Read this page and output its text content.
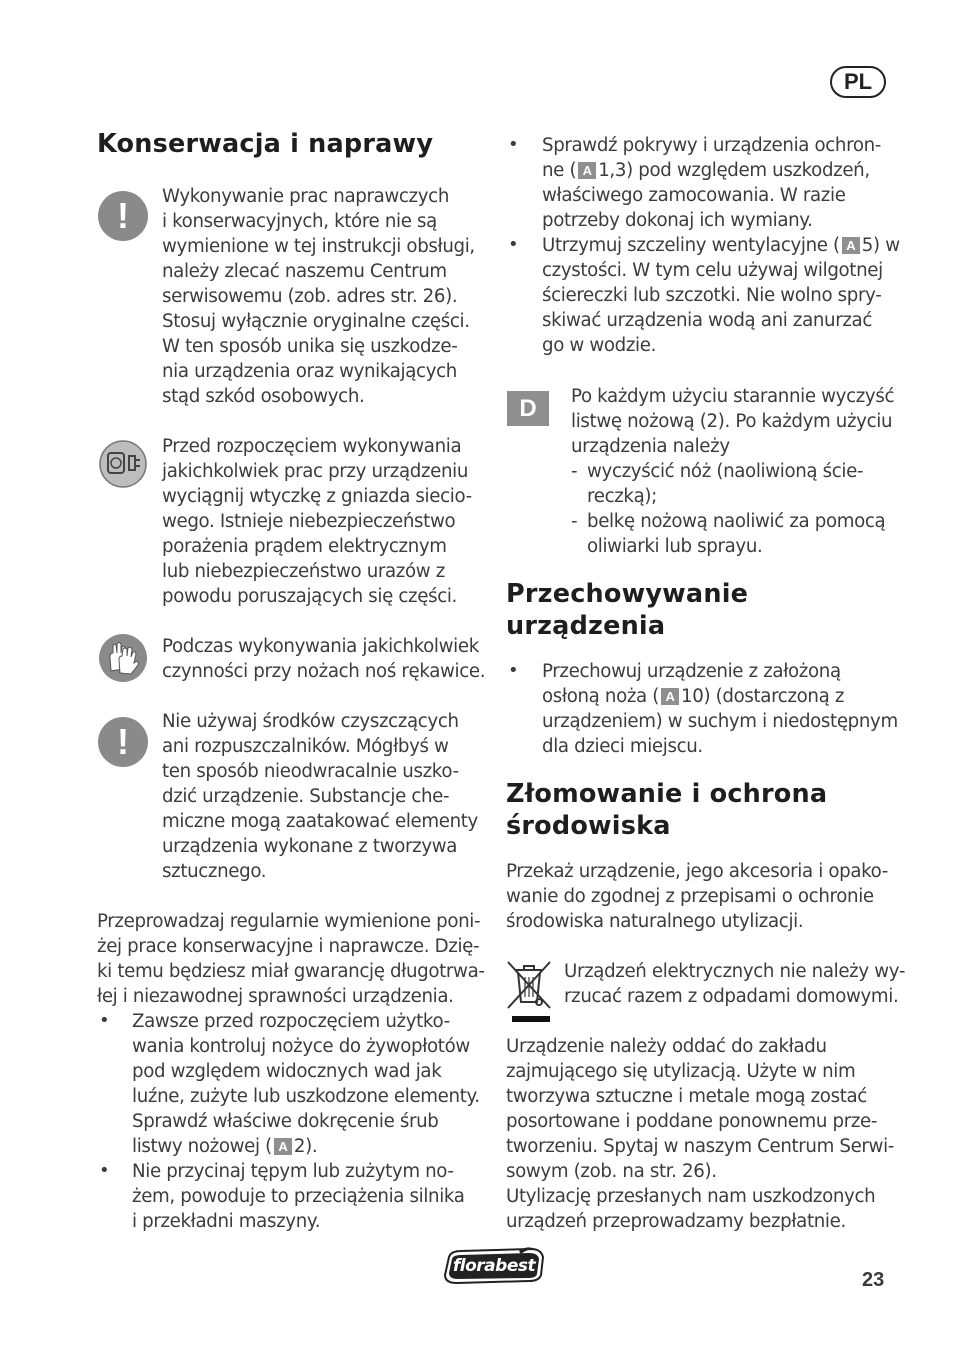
PL
Konserwacja i naprawy
!	Wykonywanie prac naprawczych
i konserwacyjnych, które nie są
wymienione w tej instrukcji obsługi,
należy zlecać naszemu Centrum
serwisowemu (zob. adres str. 26).
Stosuj wyłącznie oryginalne części.
W ten sposób unika się uszkodze-
nia urządzenia oraz wynikających
stąd szkód osobowych.
Przed rozpoczęciem wykonywania
jakichkolwiek prac przy urządzeniu
wyciągnij wtyczkę z gniazda siecio-
wego. Istnieje niebezpieczeństwo
porażenia prądem elektrycznym
lub niebezpieczeństwo urazów z
powodu poruszających się części.
Podczas wykonywania jakichkolwiek
czynności przy nożach noś rękawice.
!	Nie używaj środków czyszczących
ani rozpuszczalników. Mógłbyś w
ten sposób nieodwracalnie uszko-
dzić urządzenie. Substancje che-
miczne mogą zaatakować elementy
urządzenia wykonane z tworzywa
sztucznego.
Przeprowadzaj regularnie wymienione poni-
żej prace konserwacyjne i naprawcze. Dzię-
ki temu będziesz miał gwarancję długotrwa-
łej i niezawodnej sprawności urządzenia.
• Zawsze przed rozpoczęciem użytko-
wania kontroluj nożyce do żywopłotów
pod względem widocznych wad jak
luźne, zużyte lub uszkodzone elementy.
Sprawdź właściwe dokręcenie śrub
listwy nożowej ( A 2).
• Nie przycinaj tępym lub zużytym no-
żem, powoduje to przeciążenia silnika
i przekładni maszyny.
• Sprawdź pokrywy i urządzenia ochron-
ne ( A 1,3) pod względem uszkodzeń,
właściwego zamocowania. W razie
potrzeby dokonaj ich wymiany.
• Utrzymuj szczeliny wentylacyjne ( A 5) w
czystości. W tym celu używaj wilgotnej
ściereczki lub szczotki. Nie wolno spry-
skiwać urządzenia wodą ani zanurzać
go w wodzie.
D	Po każdym użyciu starannie wyczyść
listwę nożową (2). Po każdym użyciu
urządzenia należy
- wyczyścić nóż (naoliwioną ście-
reczką);
- belkę nożową naoliwić za pomocą
oliwiarki lub sprayu.
Przechowywanie
urządzenia
• Przechowuj urządzenie z założoną
osłoną noża ( A 10) (dostarczoną z
urządzeniem) w suchym i niedostępnym
dla dzieci miejscu.
Złomowanie i ochrona
środowiska
Przekaż urządzenie, jego akcesoria i opako-
wanie do zgodnej z przepisami o ochronie
środowiska naturalnego utylizacji.
Urządzeń elektrycznych nie należy wy-
rzucać razem z odpadami domowymi.
Urządzenie należy oddać do zakładu
zajmującego się utylizacją. Użyte w nim
tworzywa sztuczne i metale mogą zostać
posortowane i poddane ponownemu prze-
tworzeniu. Spytaj w naszym Centrum Serwi-
sowym (zob. na str. 26).
Utylizację przesłanych nam uszkodzonych
urządzeń przeprowadzamy bezpłatnie.
florabest
23
